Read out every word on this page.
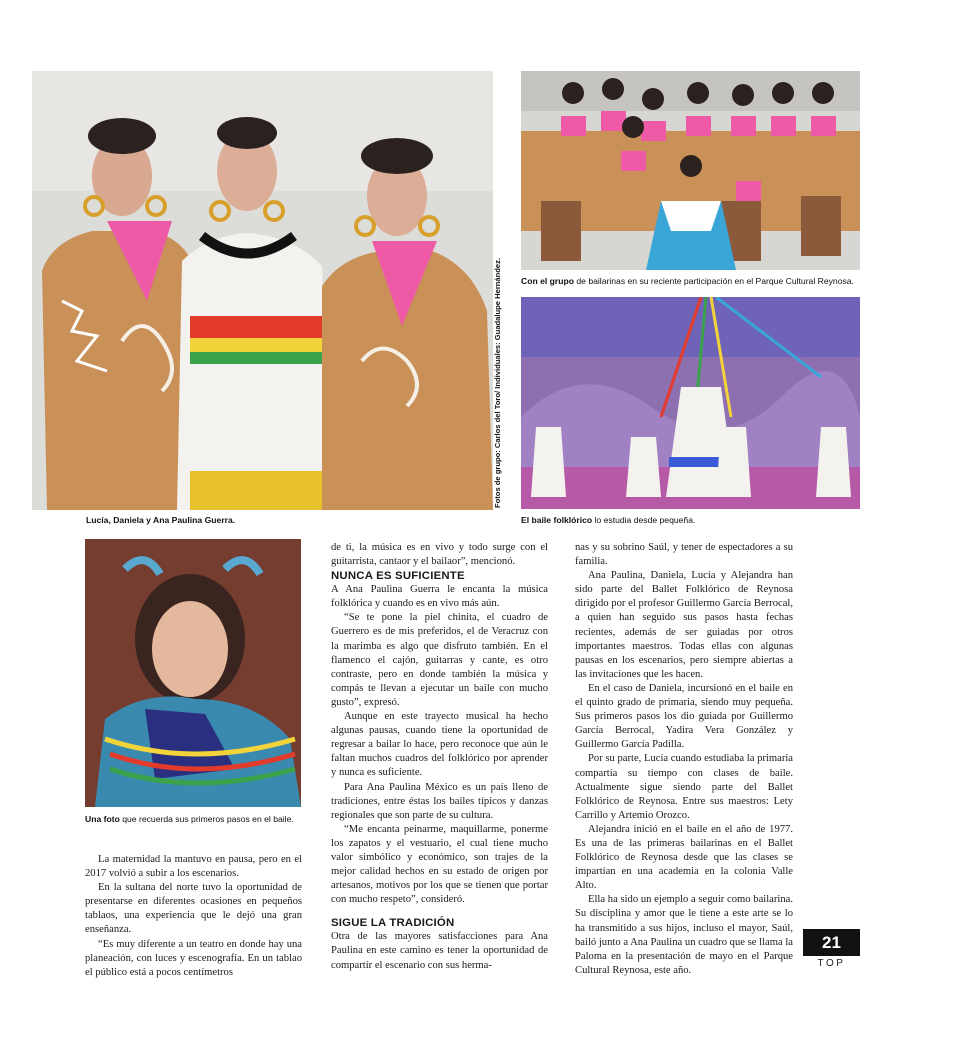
Lucía, Daniela y Ana Paulina Guerra.
Fotos de grupo: Carlos del Toro/ Individuales: Guadalupe Hernández. Con el grupo de bailarinas en su reciente participación en el Parque Cultural Reynosa.
El baile folklórico lo estudia desde pequeña.
Una foto que recuerda sus primeros pasos en el baile.

La maternidad la mantuvo en pausa, pero en el 2017 volvió a subir a los escenarios.

En la sultana del norte tuvo la oportunidad de presentarse en diferentes ocasiones en pequeños tablaos, una experiencia que le dejó una gran enseñanza.

“Es muy diferente a un teatro en donde hay una planeación, con luces y escenografía. En un tablao el público está a pocos centímetros

de ti, la música es en vivo y todo surge con el guitarrista, cantaor y el bailaor”, mencionó.

NUNCA ES SUFICIENTE

A Ana Paulina Guerra le encanta la música folklórica y cuando es en vivo más aún.

“Se te pone la piel chinita, el cuadro de Guerrero es de mis preferidos, el de Veracruz con la marimba es algo que disfruto también. En el flamenco el cajón, guitarras y cante, es otro contraste, pero en donde también la música y compás te llevan a ejecutar un baile con mucho gusto”, expresó.

Aunque en este trayecto musical ha hecho algunas pausas, cuando tiene la oportunidad de regresar a bailar lo hace, pero reconoce que aún le faltan muchos cuadros del folklórico por aprender y nunca es suficiente.

Para Ana Paulina México es un país lleno de tradiciones, entre éstas los bailes típicos y danzas regionales que son parte de su cultura.

“Me encanta peinarme, maquillarme, ponerme los zapatos y el vestuario, el cual tiene mucho valor simbólico y económico, son trajes de la mejor calidad hechos en su estado de origen por artesanos, motivos por los que se tienen que portar con mucho respeto”, consideró.

SIGUE LA TRADICIÓN

Otra de las mayores satisfacciones para Ana Paulina en este camino es tener la oportunidad de compartir el escenario con sus herma-

nas y su sobrino Saúl, y tener de espectadores a su familia.

Ana Paulina, Daniela, Lucía y Alejandra han sido parte del Ballet Folklórico de Reynosa dirigido por el profesor Guillermo García Berrocal, a quien han seguido sus pasos hasta fechas recientes, además de ser guiadas por otros importantes maestros. Todas ellas con algunas pausas en los escenarios, pero siempre abiertas a las invitaciones que les hacen.

En el caso de Daniela, incursionó en el baile en el quinto grado de primaria, siendo muy pequeña. Sus primeros pasos los dio guiada por Guillermo García Berrocal, Yadira Vera González y Guillermo García Padilla.

Por su parte, Lucía cuando estudiaba la primaria compartía su tiempo con clases de baile. Actualmente sigue siendo parte del Ballet Folklórico de Reynosa. Entre sus maestros: Lety Carrillo y Artemio Orozco.

Alejandra inició en el baile en el año de 1977. Es una de las primeras bailarinas en el Ballet Folklórico de Reynosa desde que las clases se impartían en una academia en la colonia Valle Alto.

Ella ha sido un ejemplo a seguir como bailarina. Su disciplina y amor que le tiene a este arte se lo ha transmitido a sus hijos, incluso el mayor, Saúl, bailó junto a Ana Paulina un cuadro que se llama la Paloma en la presentación de mayo en el Parque Cultural Reynosa, este año.

21
TOP
